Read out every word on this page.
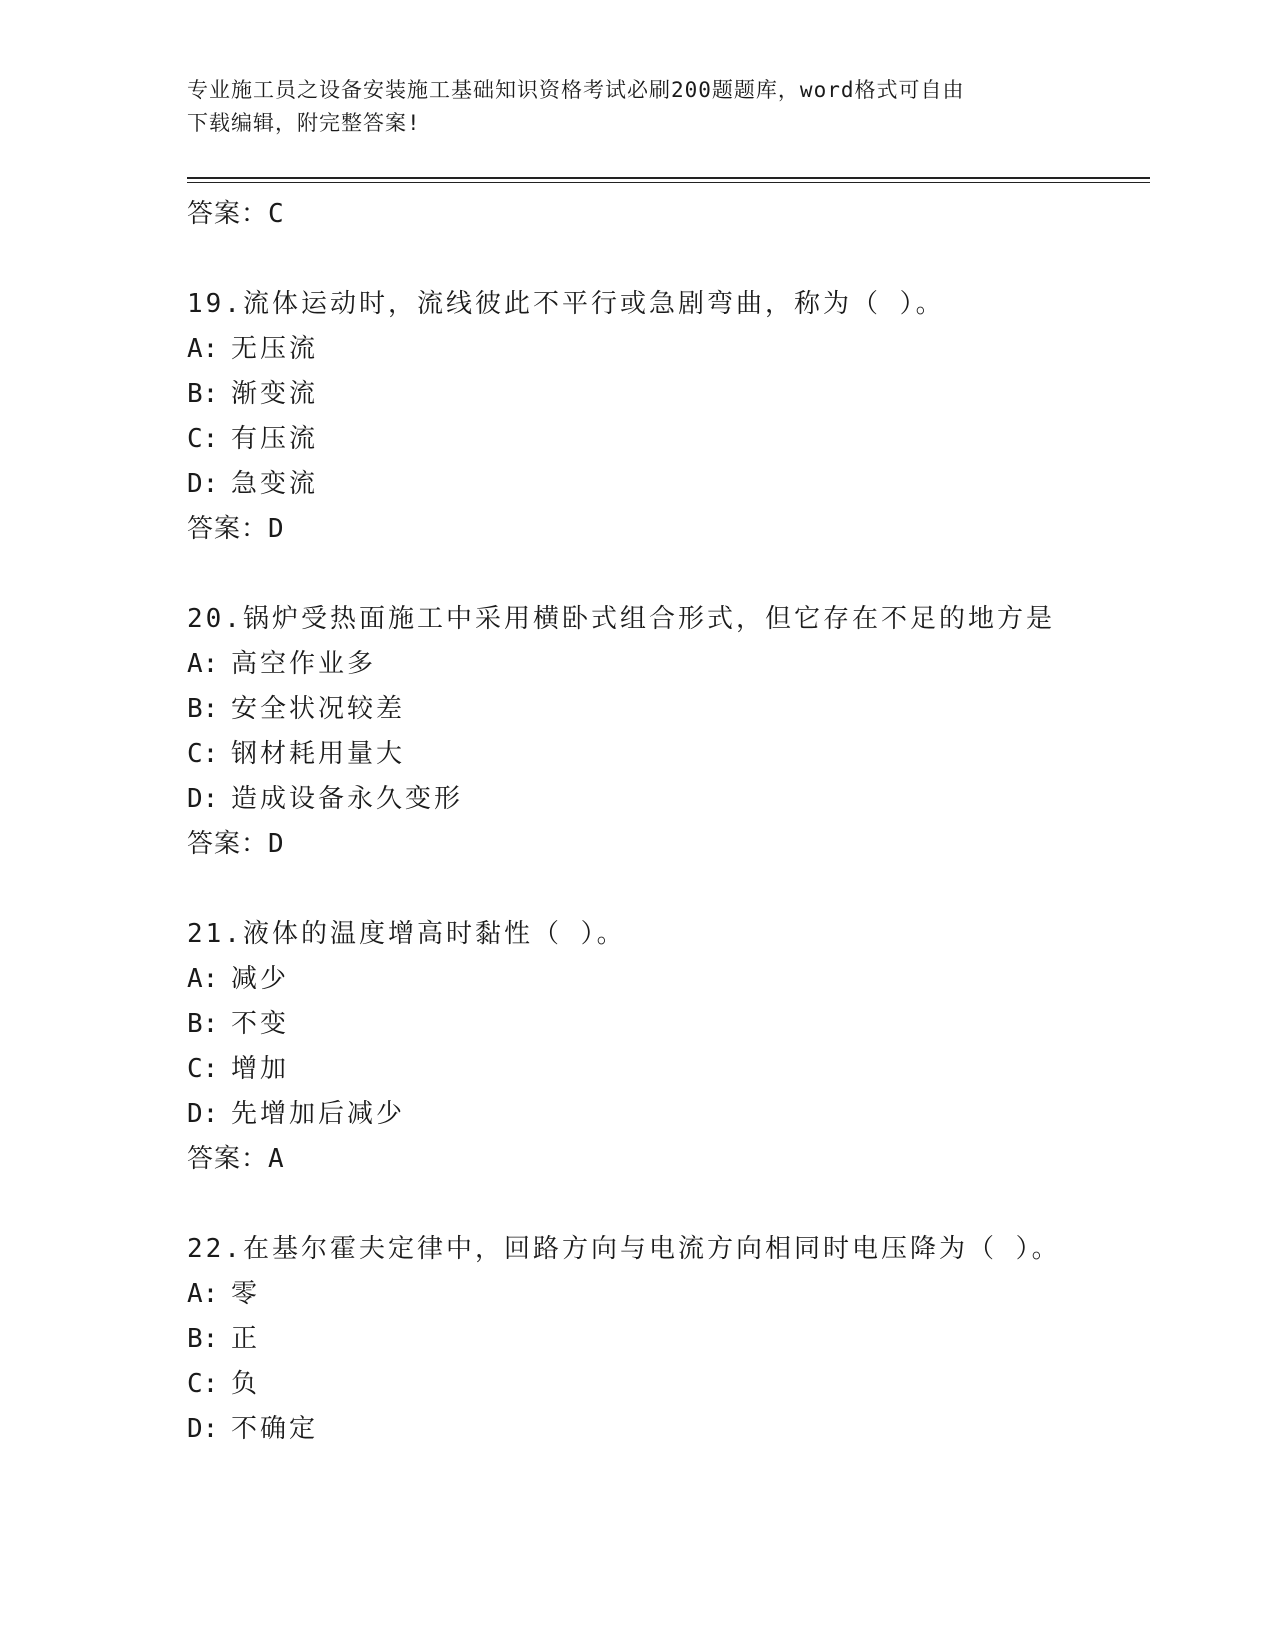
专业施工员之设备安装施工基础知识资格考试必刷200题题库，word格式可自由
下载编辑，附完整答案!
答案：C
19.流体运动时，流线彼此不平行或急剧弯曲，称为（ ）。
A: 无压流
B: 渐变流
C: 有压流
D: 急变流
答案：D
20.锅炉受热面施工中采用横卧式组合形式，但它存在不足的地方是
A: 高空作业多
B: 安全状况较差
C: 钢材耗用量大
D: 造成设备永久变形
答案：D
21.液体的温度增高时黏性（ ）。
A: 减少
B: 不变
C: 增加
D: 先增加后减少
答案：A
22.在基尔霍夫定律中，回路方向与电流方向相同时电压降为（ ）。
A: 零
B: 正
C: 负
D: 不确定
